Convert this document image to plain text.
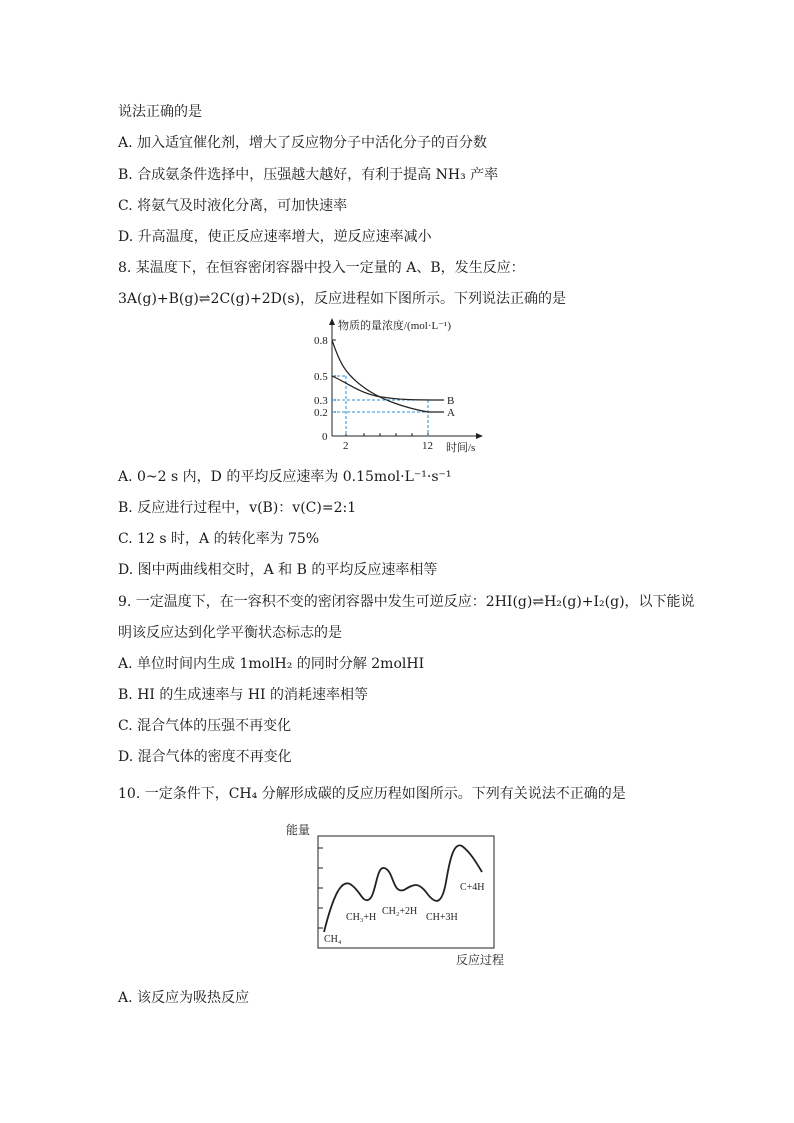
说法正确的是
A. 加入适宜催化剂，增大了反应物分子中活化分子的百分数
B. 合成氨条件选择中，压强越大越好，有利于提高 NH₃ 产率
C. 将氨气及时液化分离，可加快速率
D. 升高温度，使正反应速率增大，逆反应速率减小
8. 某温度下，在恒容密闭容器中投入一定量的 A、B，发生反应：
3A(g)+B(g)⇌2C(g)+2D(s)，反应进程如下图所示。下列说法正确的是
物质的量浓度/(mol·L⁻¹)
0.8
0.5
0.3
0.2
0
2	12 时间/s
B
A
A. 0~2 s 内，D 的平均反应速率为 0.15mol·L⁻¹·s⁻¹
B. 反应进行过程中，v(B)：v(C)=2:1
C. 12 s 时，A 的转化率为 75%
D. 图中两曲线相交时，A 和 B 的平均反应速率相等
9. 一定温度下，在一容积不变的密闭容器中发生可逆反应：2HI(g)⇌H₂(g)+I₂(g)，以下能说
明该反应达到化学平衡状态标志的是
A. 单位时间内生成 1molH₂ 的同时分解 2molHI
B. HI 的生成速率与 HI 的消耗速率相等
C. 混合气体的压强不再变化
D. 混合气体的密度不再变化
10. 一定条件下，CH₄ 分解形成碳的反应历程如图所示。下列有关说法不正确的是
能量
CH₄
CH₃+H
CH₂+2H
CH+3H
C+4H
反应过程
A. 该反应为吸热反应
